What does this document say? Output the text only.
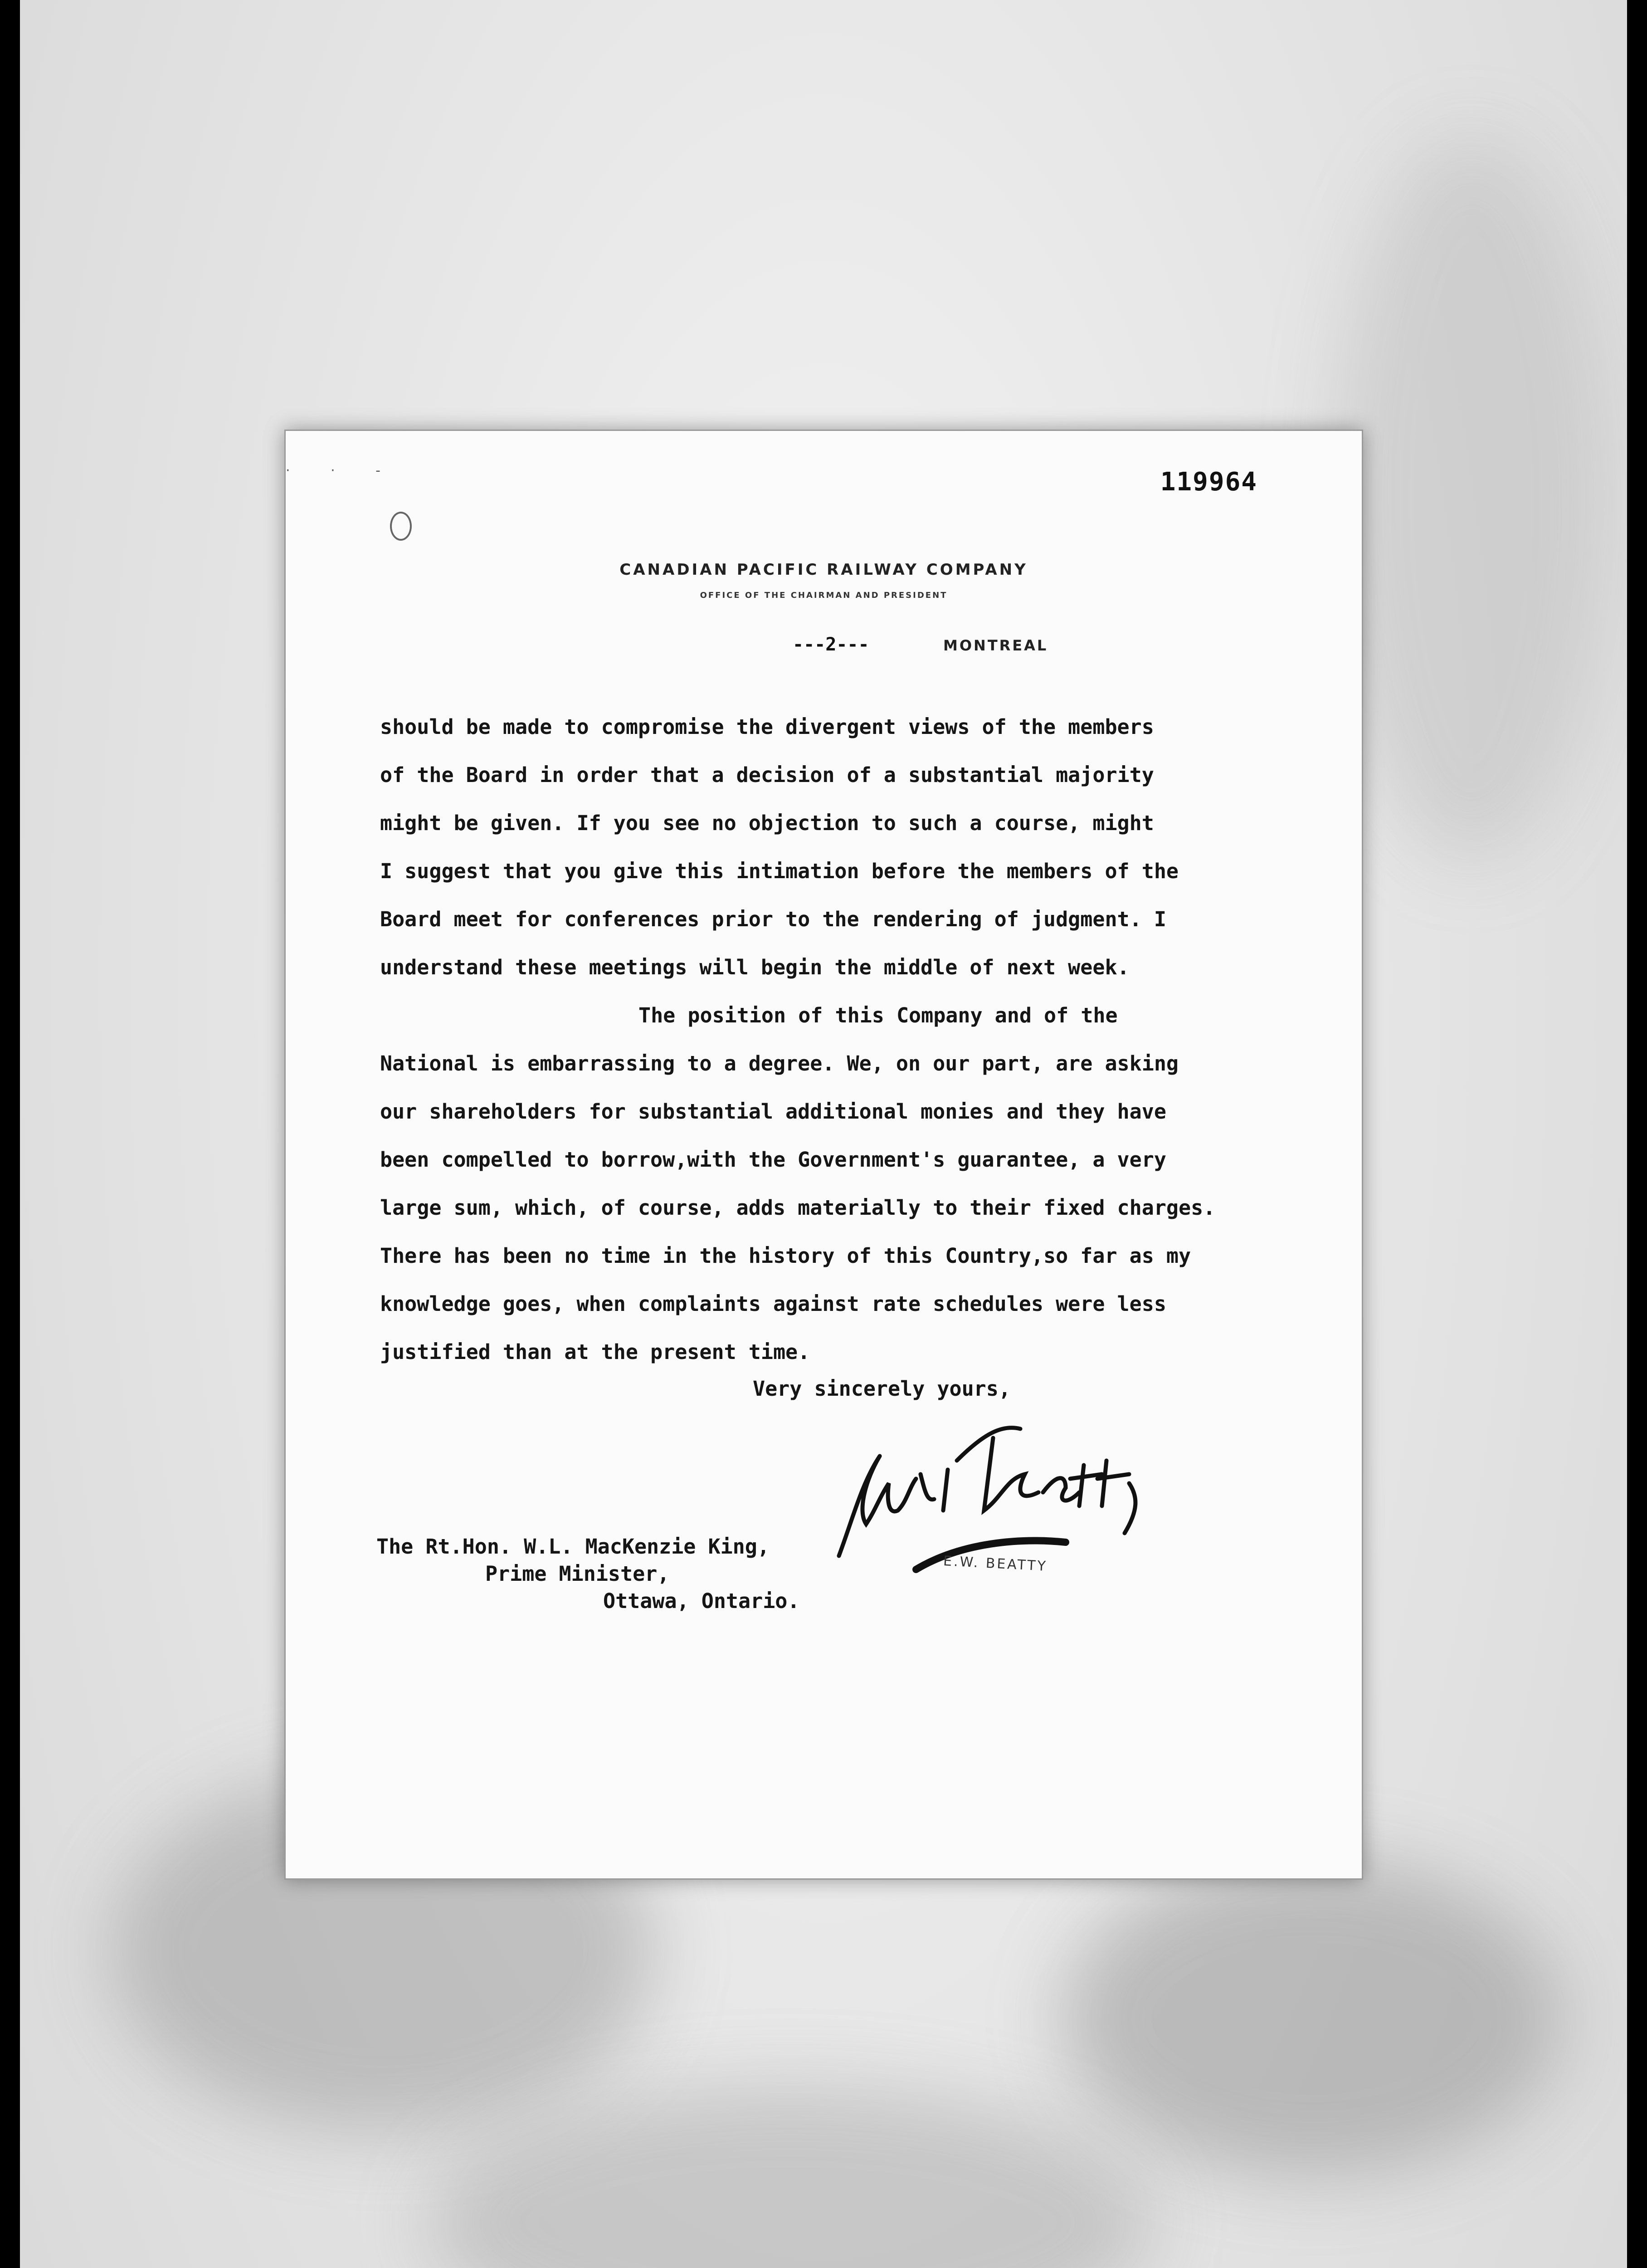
· · -	119964
CANADIAN PACIFIC RAILWAY COMPANY
OFFICE OF THE CHAIRMAN AND PRESIDENT
---2---	MONTREAL
should be made to compromise the divergent views of the members
of the Board in order that a decision of a substantial majority
might be given. If you see no objection to such a course, might
I suggest that you give this intimation before the members of the
Board meet for conferences prior to the rendering of judgment. I
understand these meetings will begin the middle of next week.
The position of this Company and of the
National is embarrassing to a degree. We, on our part, are asking
our shareholders for substantial additional monies and they have
been compelled to borrow,with the Government's guarantee, a very
large sum, which, of course, adds materially to their fixed charges.
There has been no time in the history of this Country,so far as my
knowledge goes, when complaints against rate schedules were less
justified than at the present time.
Very sincerely yours,
E.W. BEATTY
The Rt.Hon. W.L. MacKenzie King,
Prime Minister,
Ottawa, Ontario.
